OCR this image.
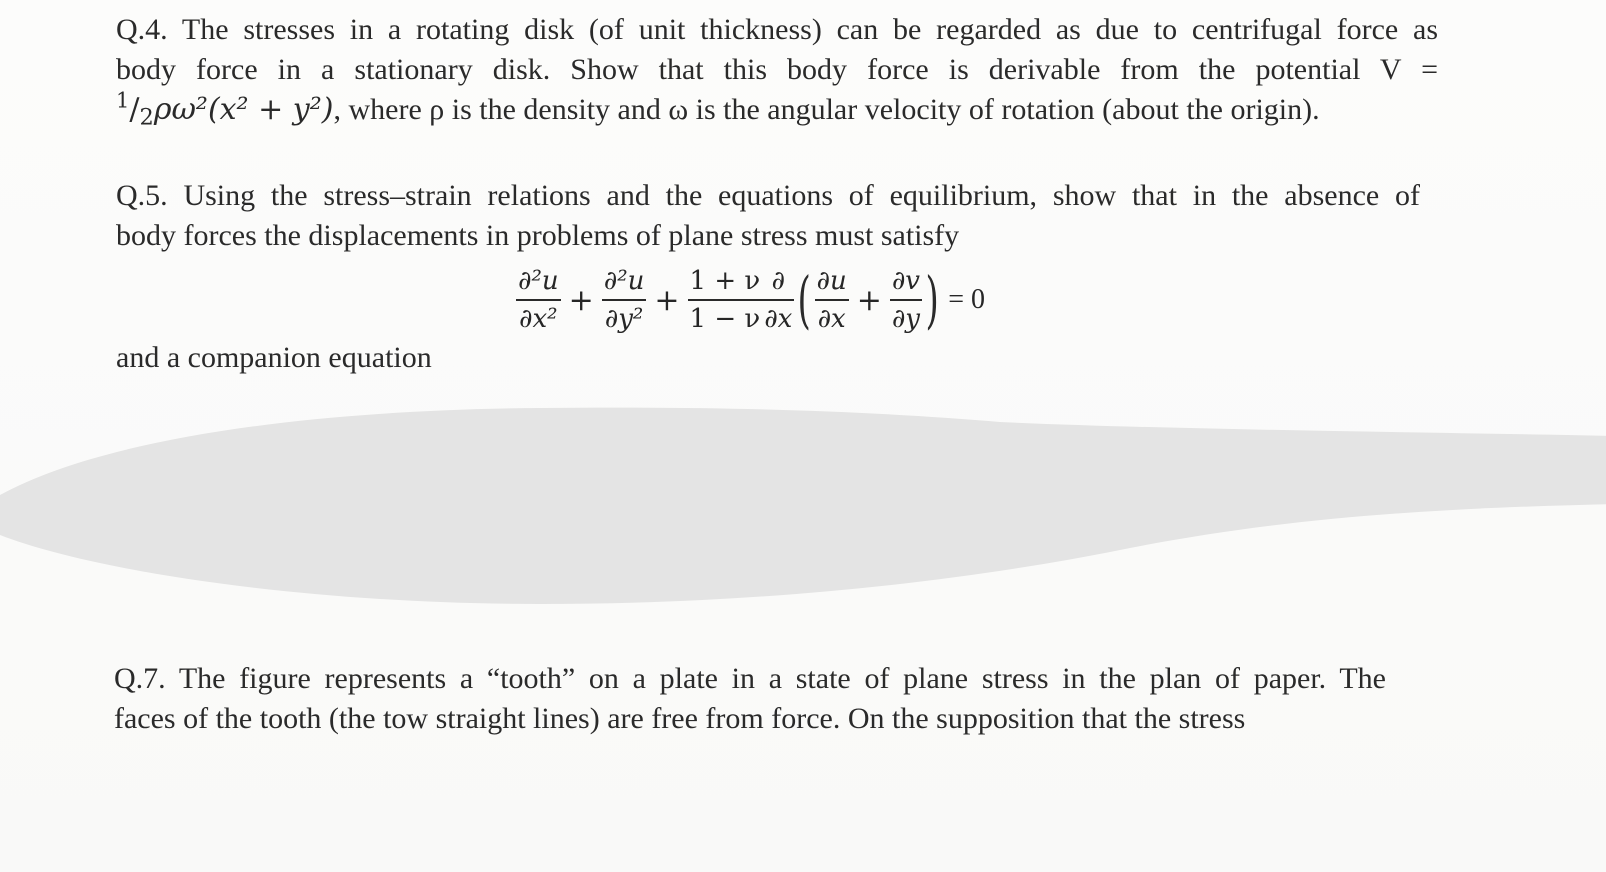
Q.4. The stresses in a rotating disk (of unit thickness) can be regarded as due to centrifugal force as
body force in a stationary disk. Show that this body force is derivable from the potential V =
$^1$/2ρω²(x² + y²), where ρ is the density and ω is the angular velocity of rotation (about the origin).
Q.5. Using the stress–strain relations and the equations of equilibrium, show that in the absence of
body forces the displacements in problems of plane stress must satisfy
$\frac{\text{∂²u}}{\text{∂x²}} + \frac{\text{∂²u}}{\text{∂y²}} + \frac{1 + \nu}{1 - \nu} \frac{\partial}{\partial x}$ ( $\frac{\partial u}{\partial x} + \frac{\partial v}{\partial y}$ ) = 0
and a companion equation
Q.7. The figure represents a “tooth” on a plate in a state of plane stress in the plan of paper. The
faces of the tooth (the tow straight lines) are free from force. On the supposition that the stress
